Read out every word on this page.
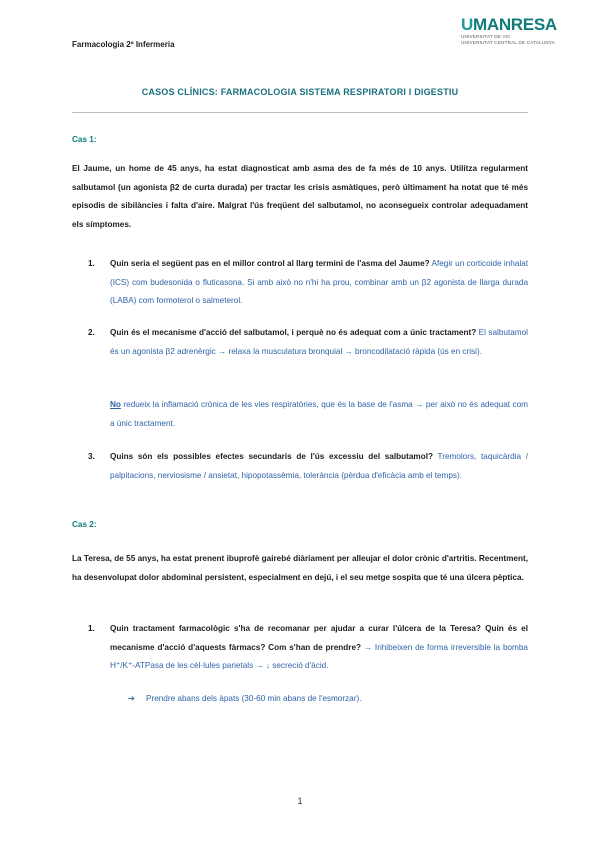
Farmacologia 2º Infermeria
UMANRESA
UNIVERSITAT DE VIC
UNIVERSITAT CENTRAL DE CATALUNYA
CASOS CLÍNICS: FARMACOLOGIA SISTEMA RESPIRATORI I DIGESTIU
Cas 1:
El Jaume, un home de 45 anys, ha estat diagnosticat amb asma des de fa més de 10 anys. Utilitza regularment salbutamol (un agonista β2 de curta durada) per tractar les crisis asmàtiques, però últimament ha notat que té més episodis de sibilàncies i falta d'aire. Malgrat l'ús freqüent del salbutamol, no aconsegueix controlar adequadament els símptomes.
1. Quin seria el següent pas en el millor control al llarg termini de l'asma del Jaume? Afegir un corticoide inhalat (ICS) com budesonida o fluticasona. Si amb això no n'hi ha prou, combinar amb un β2 agonista de llarga durada (LABA) com formoterol o salmeterol.
2. Quin és el mecanisme d'acció del salbutamol, i perquè no és adequat com a únic tractament? El salbutamol és un agonista β2 adrenèrgic → relaxa la musculatura bronquial → broncodilatació ràpida (ús en crisi).
No redueix la inflamació crònica de les vies respiratòries, que és la base de l'asma → per això no és adequat com a únic tractament.
3. Quins són els possibles efectes secundaris de l'ús excessiu del salbutamol? Tremolors, taquicàrdia / palpitacions, nerviosisme / ansietat, hipopotassèmia, tolerància (pèrdua d'eficàcia amb el temps).
Cas 2:
La Teresa, de 55 anys, ha estat prenent ibuprofè gairebé diàriament per alleujar el dolor crònic d'artritis. Recentment, ha desenvolupat dolor abdominal persistent, especialment en dejú, i el seu metge sospita que té una úlcera pèptica.
1. Quin tractament farmacològic s'ha de recomanar per ajudar a curar l'úlcera de la Teresa? Quin és el mecanisme d'acció d'aquests fàrmacs? Com s'han de prendre? → Inhibeixen de forma irreversible la bomba H⁺/K⁺-ATPasa de les cèl·lules parietals → ↓ secreció d'àcid.
➔ Prendre abans dels àpats (30-60 min abans de l'esmorzar).
1
